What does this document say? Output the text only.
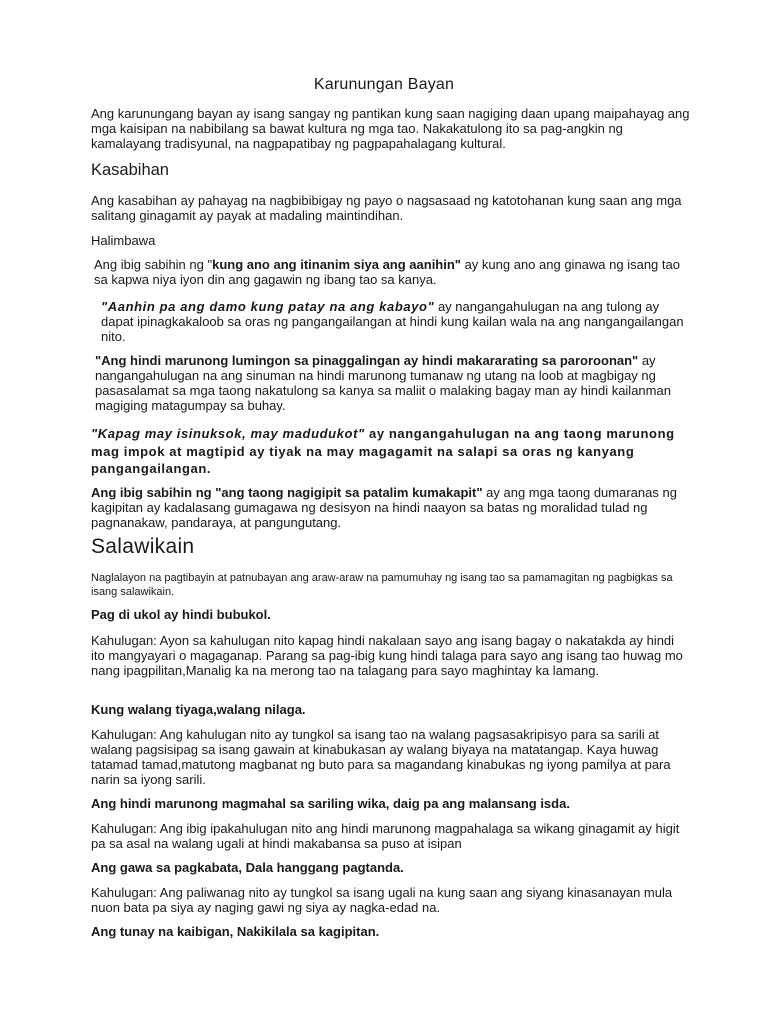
Karunungan Bayan
Ang karunungang bayan ay isang sangay ng pantikan kung saan nagiging daan upang maipahayag ang mga kaisipan na nabibilang sa bawat kultura ng mga tao. Nakakatulong ito sa pag-angkin ng kamalayang tradisyunal, na nagpapatibay ng pagpapahalagang kultural.
Kasabihan
Ang kasabihan ay pahayag na nagbibibigay ng payo o nagsasaad ng katotohanan kung saan ang mga salitang ginagamit ay payak at madaling maintindihan.
Halimbawa
Ang ibig sabihin ng "kung ano ang itinanim siya ang aanihin" ay kung ano ang ginawa ng isang tao sa kapwa niya iyon din ang gagawin ng ibang tao sa kanya.
"Aanhin pa ang damo kung patay na ang kabayo" ay nangangahulugan na ang tulong ay dapat ipinagkakaloob sa oras ng pangangailangan at hindi kung kailan wala na ang nangangailangan nito.
"Ang hindi marunong lumingon sa pinaggalingan ay hindi makararating sa paroroonan" ay nangangahulugan na ang sinuman na hindi marunong tumanaw ng utang na loob at magbigay ng pasasalamat sa mga taong nakatulong sa kanya sa maliit o malaking bagay man ay hindi kailanman magiging matagumpay sa buhay.
"Kapag may isinuksok, may madudukot" ay nangangahulugan na ang taong marunong mag impok at magtipid ay tiyak na may magagamit na salapi sa oras ng kanyang pangangailangan.
Ang ibig sabihin ng "ang taong nagigipit sa patalim kumakapit" ay ang mga taong dumaranas ng kagipitan ay kadalasang gumagawa ng desisyon na hindi naayon sa batas ng moralidad tulad ng pagnanakaw, pandaraya, at pangungutang.
Salawikain
Naglalayon na pagtibayin at patnubayan ang araw-araw na pamumuhay ng isang tao sa pamamagitan ng pagbigkas sa isang salawikain.
Pag di ukol ay hindi bubukol.
Kahulugan: Ayon sa kahulugan nito kapag hindi nakalaan sayo ang isang bagay o nakatakda ay hindi ito mangyayari o magaganap. Parang sa pag-ibig kung hindi talaga para sayo ang isang tao huwag mo nang ipagpilitan,Manalig ka na merong tao na talagang para sayo maghintay ka lamang.
Kung walang tiyaga,walang nilaga.
Kahulugan: Ang kahulugan nito ay tungkol sa isang tao na walang pagsasakripisyo para sa sarili at walang pagsisipag sa isang gawain at kinabukasan ay walang biyaya na matatangap. Kaya huwag tatamad tamad,matutong magbanat ng buto para sa magandang kinabukas ng iyong pamilya at para narin sa iyong sarili.
Ang hindi marunong magmahal sa sariling wika, daig pa ang malansang isda.
Kahulugan: Ang ibig ipakahulugan nito ang hindi marunong magpahalaga sa wikang ginagamit ay higit pa sa asal na walang ugali at hindi makabansa sa puso at isipan
Ang gawa sa pagkabata, Dala hanggang pagtanda.
Kahulugan: Ang paliwanag nito ay tungkol sa isang ugali na kung saan ang siyang kinasanayan mula nuon bata pa siya ay naging gawi ng siya ay nagka-edad na.
Ang tunay na kaibigan, Nakikilala sa kagipitan.
